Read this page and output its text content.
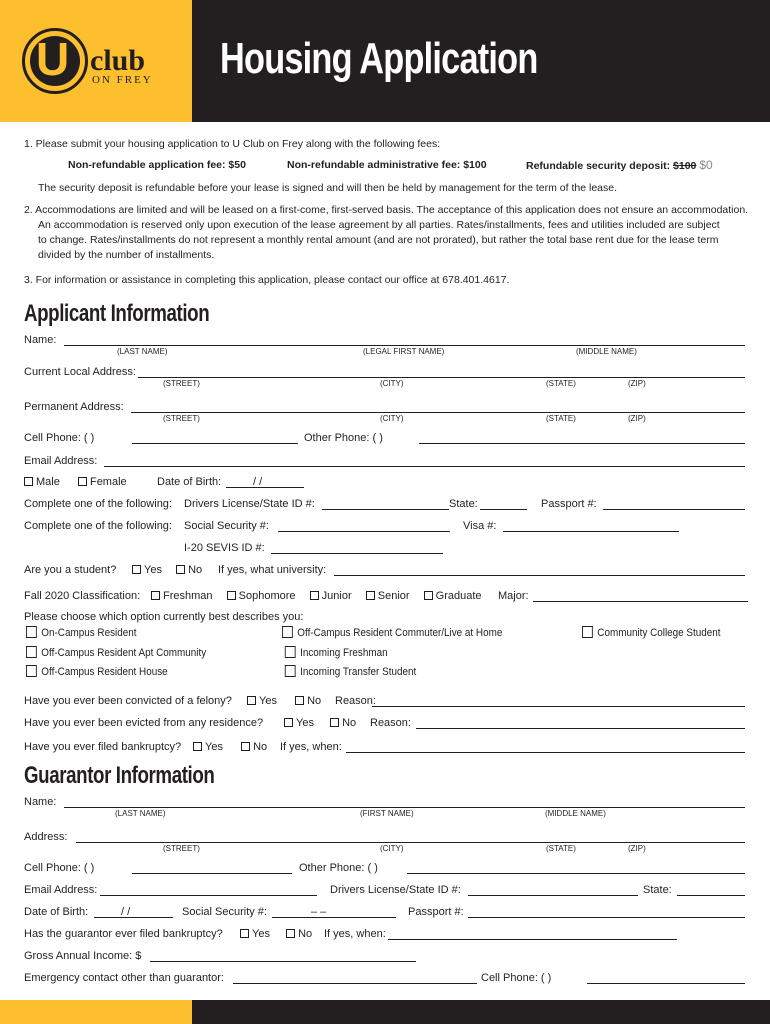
U club
ON FREY Housing Application
1. Please submit your housing application to U Club on Frey along with the following fees:
Non-refundable application fee: $50	Non-refundable administrative fee: $100	Refundable security deposit: $100 $0
The security deposit is refundable before your lease is signed and will then be held by management for the term of the lease.
2. Accommodations are limited and will be leased on a first-come, first-served basis. The acceptance of this application does not ensure an accommodation.
An accommodation is reserved only upon execution of the lease agreement by all parties. Rates/installments, fees and utilities included are subject
to change. Rates/installments do not represent a monthly rental amount (and are not prorated), but rather the total base rent due for the lease term
divided by the number of installments.
3. For information or assistance in completing this application, please contact our office at 678.401.4617.
Applicant Information
Name:
(LAST NAME)	(LEGAL FIRST NAME)	(MIDDLE NAME)
Current Local Address:
(STREET)	(CITY)	(STATE)	(ZIP)
Permanent Address:
(STREET)	(CITY)	(STATE)	(ZIP)
Cell Phone: ( )	Other Phone: ( )
Email Address:
Male	Female	Date of Birth:	/ /
Complete one of the following: Drivers License/State ID #:	State:	Passport #:
Complete one of the following: Social Security #:	Visa #:
I-20 SEVIS ID #:
Are you a student?	Yes No If yes, what university:
Fall 2020 Classification:	Freshman Sophomore Junior Senior Graduate Major:
Please choose which option currently best describes you:
On-Campus Resident	Off-Campus Resident Commuter/Live at Home	Community College Student
Off-Campus Resident Apt Community	Incoming Freshman
Off-Campus Resident House	Incoming Transfer Student
Have you ever been convicted of a felony?	Yes	No Reason:
Have you ever been evicted from any residence?	Yes	No Reason:
Have you ever filed bankruptcy?	Yes	No If yes, when:
Guarantor Information
Name:
(LAST NAME)	(FIRST NAME)	(MIDDLE NAME)
Address:
(STREET)	(CITY)	(STATE)	(ZIP)
Cell Phone: ( )	Other Phone: ( )
Email Address:	Drivers License/State ID #:	State:
Date of Birth:	/ /	Social Security #:	– –	Passport #:
Has the guarantor ever filed bankruptcy?	Yes	No If yes, when:
Gross Annual Income: $
Emergency contact other than guarantor:	Cell Phone: ( )
